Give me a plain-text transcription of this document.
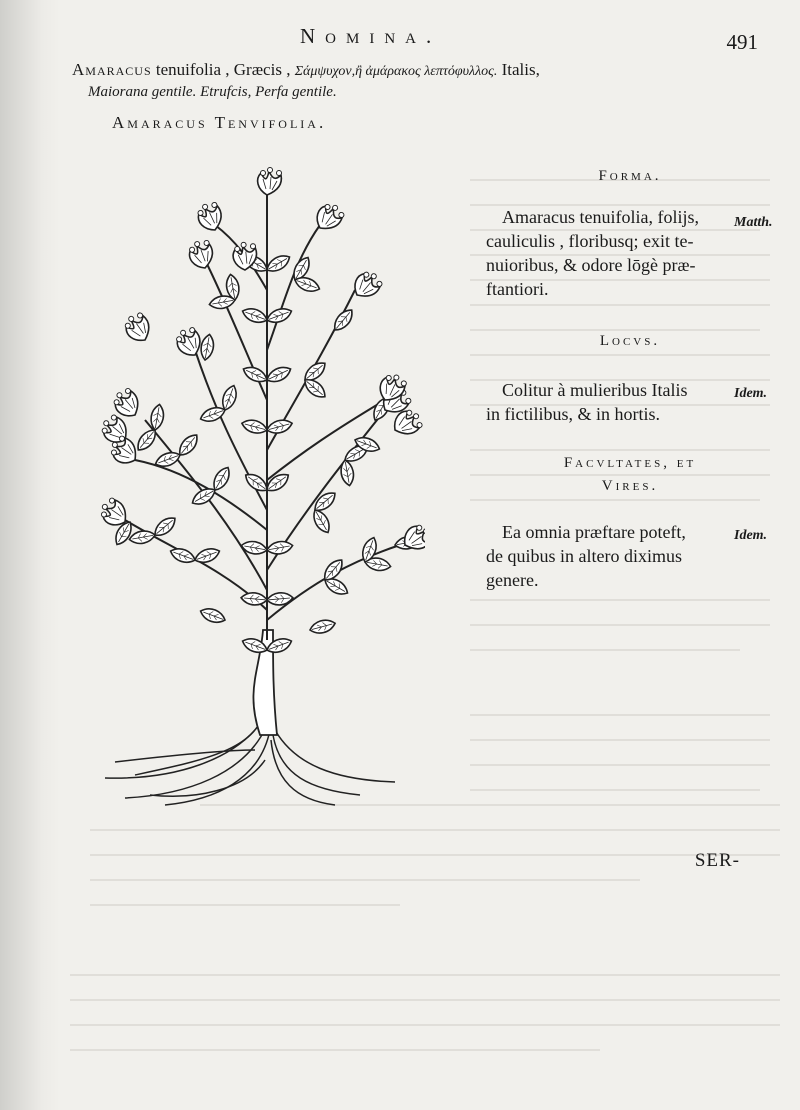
Nomina.	491
Amaracus tenuifolia , Græcis , Σάμψυχον,ἢ ἀμάρακος λεπτόφυλλος. Italis,
Maiorana gentile. Etrufcis, Perfa gentile.
Amaracus Tenvifolia.
Forma.
Amaracus tenuifolia, folijs,
cauliculis , floribusq; exit te-
nuioribus, & odore lōgè præ-
ftantiori.
Matth.
Locvs.
Colitur à mulieribus Italis
in fictilibus, & in hortis.
Idem.
Facvltates, et
Vires.
Ea omnia præftare poteft,
de quibus in altero diximus
genere.
Idem.
SER-
